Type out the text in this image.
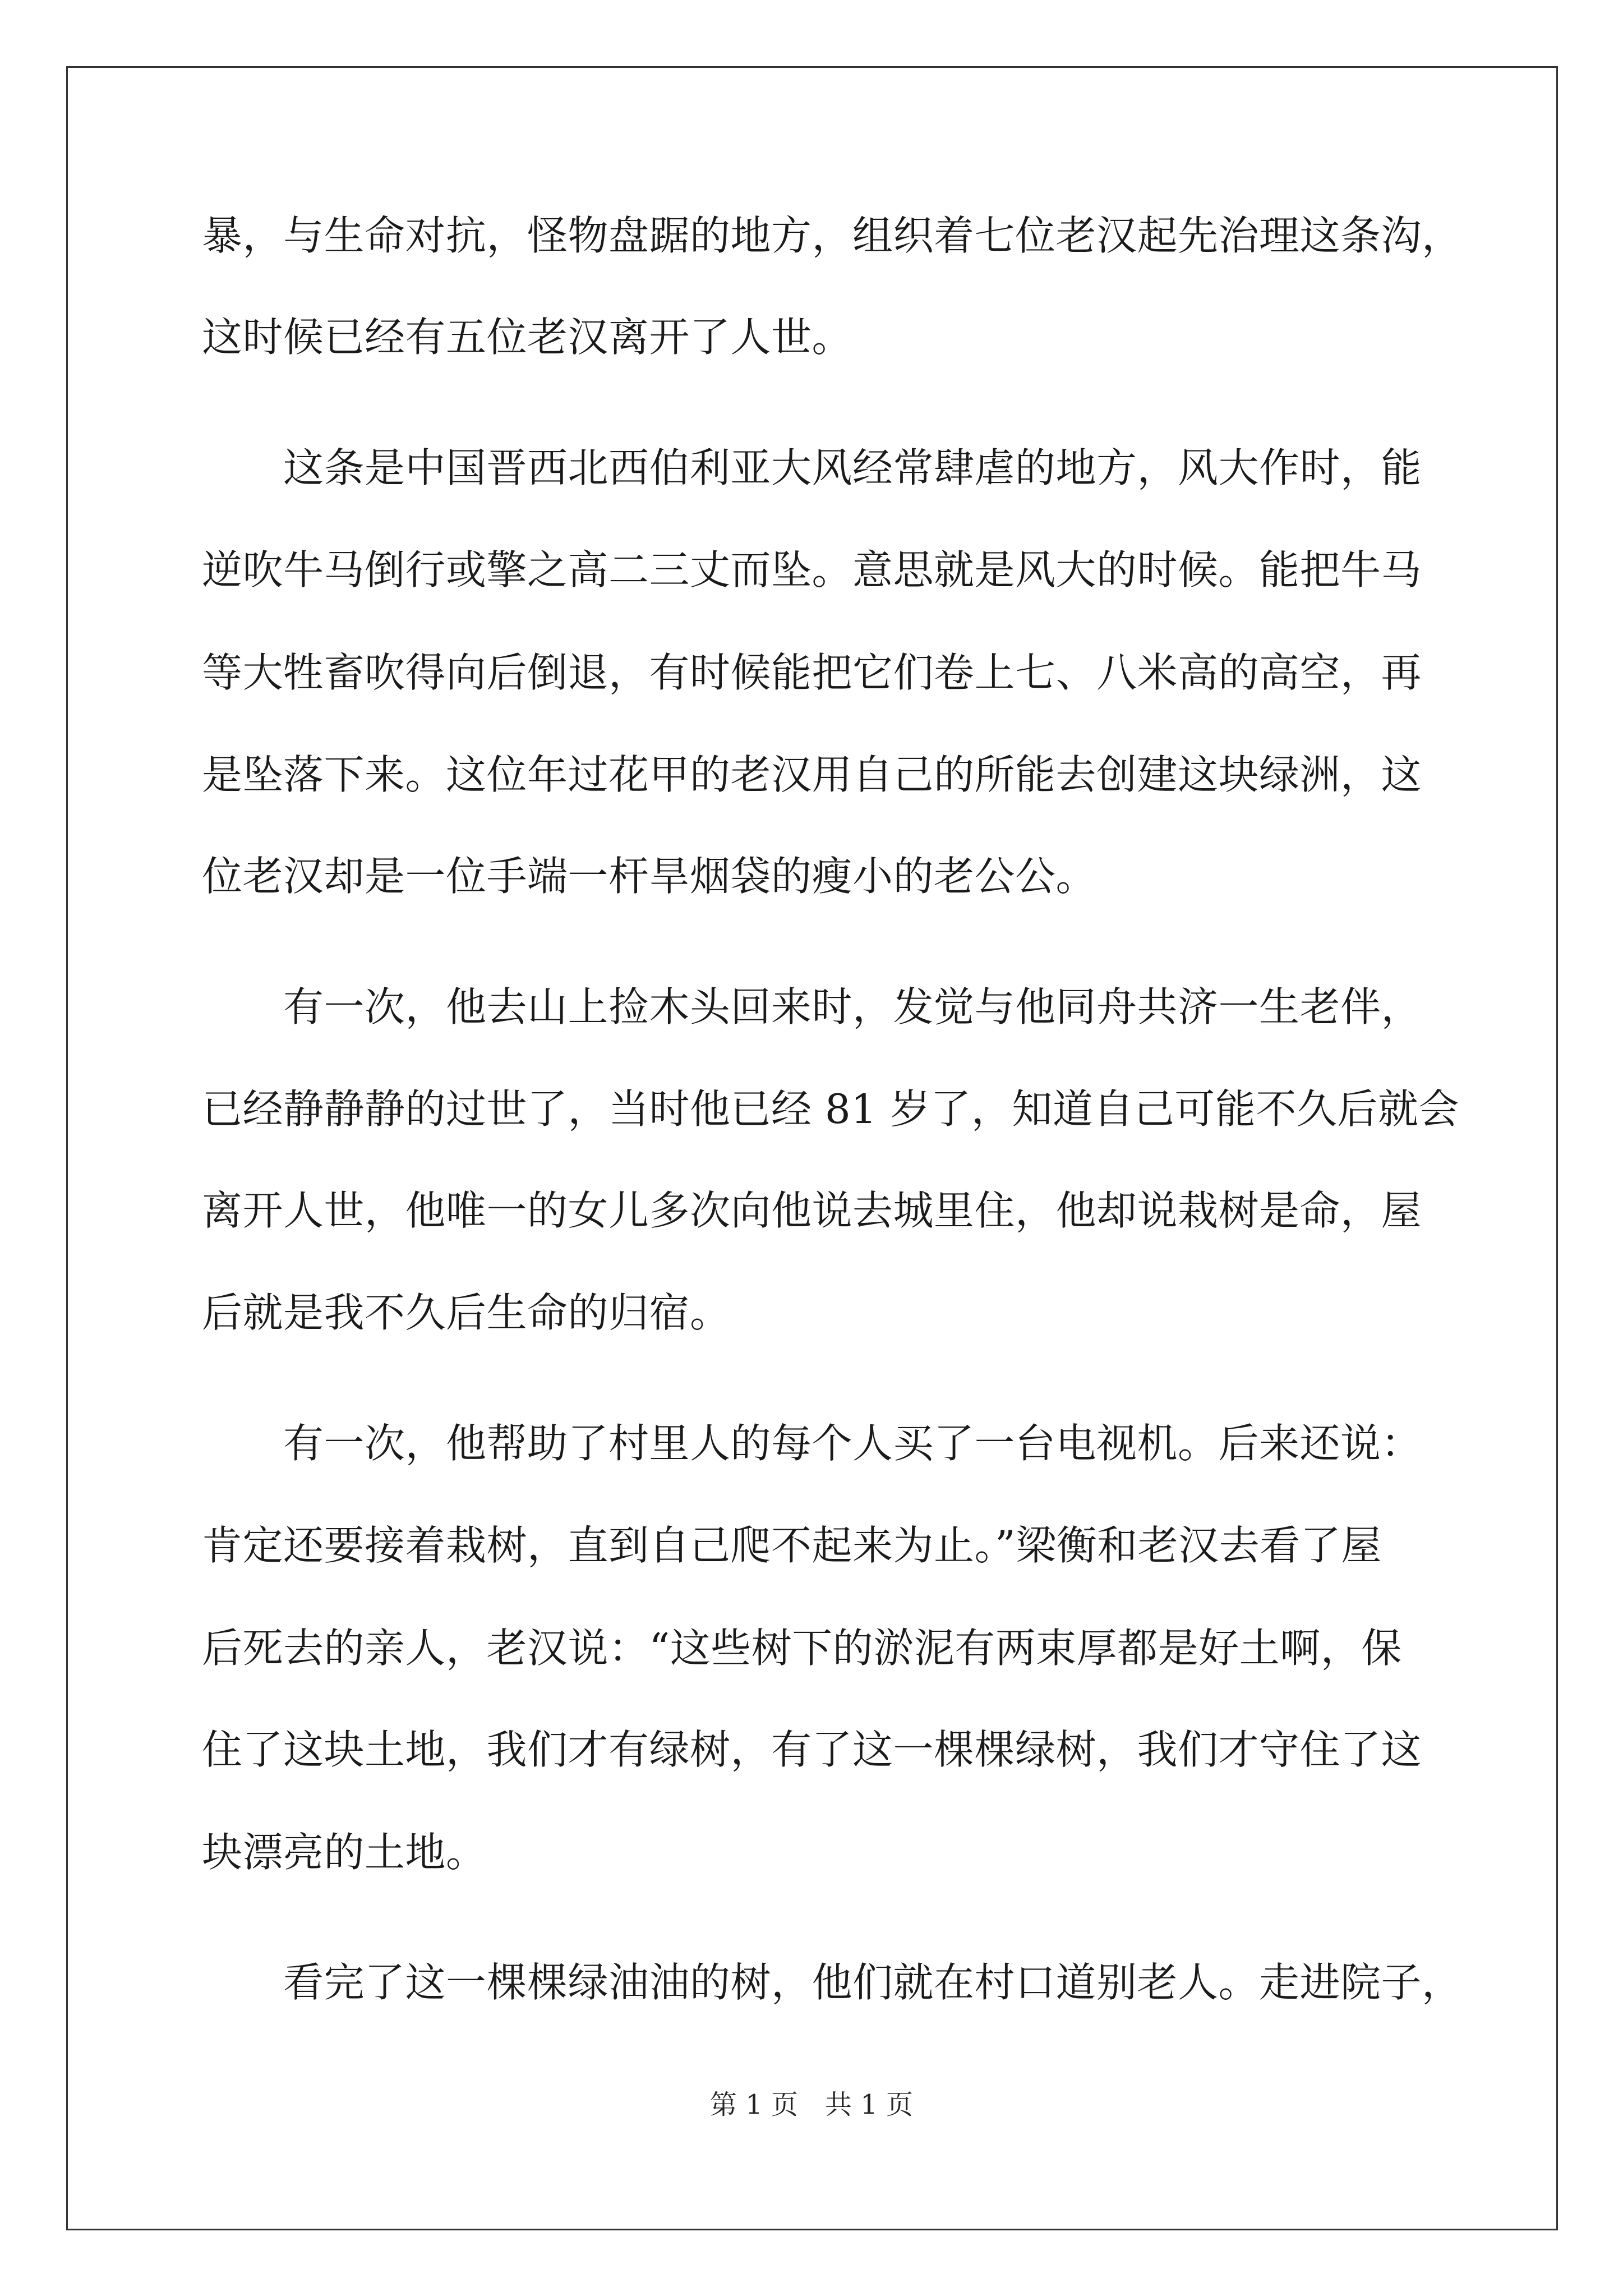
暴，与生命对抗，怪物盘踞的地方，组织着七位老汉起先治理这条沟，
这时候已经有五位老汉离开了人世。
　　这条是中国晋西北西伯利亚大风经常肆虐的地方，风大作时，能
逆吹牛马倒行或擎之高二三丈而坠。意思就是风大的时候。能把牛马
等大牲畜吹得向后倒退，有时候能把它们卷上七、八米高的高空，再
是坠落下来。这位年过花甲的老汉用自己的所能去创建这块绿洲，这
位老汉却是一位手端一杆旱烟袋的瘦小的老公公。
　　有一次，他去山上捡木头回来时，发觉与他同舟共济一生老伴，
已经静静静的过世了，当时他已经 81 岁了，知道自己可能不久后就会
离开人世，他唯一的女儿多次向他说去城里住，他却说栽树是命，屋
后就是我不久后生命的归宿。
　　有一次，他帮助了村里人的每个人买了一台电视机。后来还说：
肯定还要接着栽树，直到自己爬不起来为止。”梁衡和老汉去看了屋
后死去的亲人，老汉说：“这些树下的淤泥有两束厚都是好土啊，保
住了这块土地，我们才有绿树，有了这一棵棵绿树，我们才守住了这
块漂亮的土地。
　　看完了这一棵棵绿油油的树，他们就在村口道别老人。走进院子，
第 1 页　共 1 页
